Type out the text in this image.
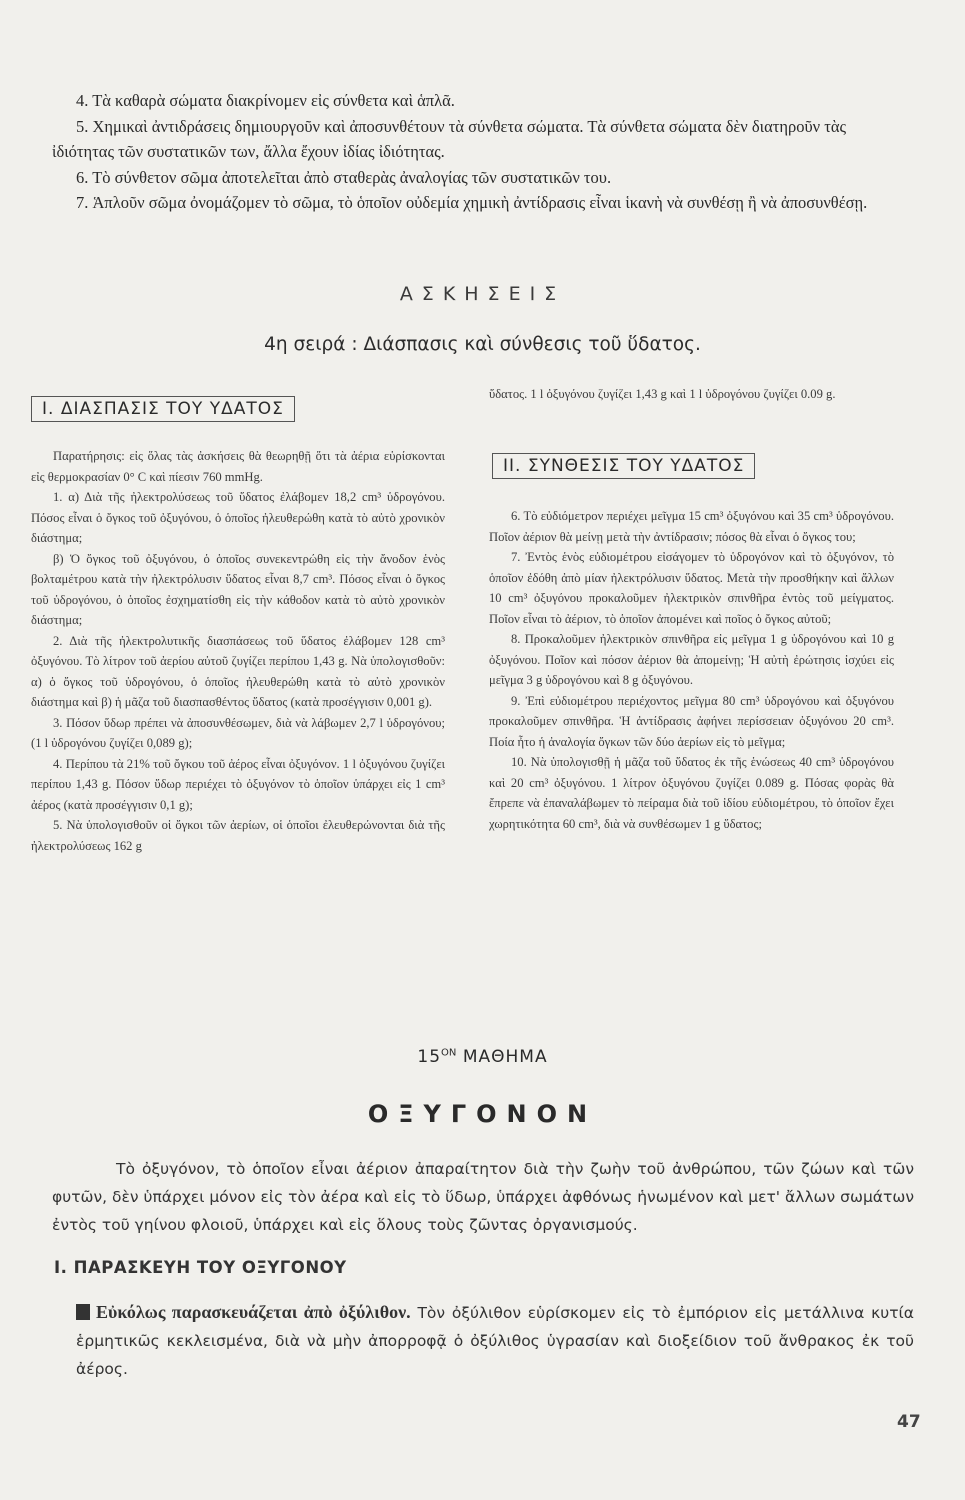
4. Τὰ καθαρὰ σώματα διακρίνομεν εἰς σύνθετα καὶ ἁπλᾶ.

5. Χημικαὶ ἀντιδράσεις δημιουργοῦν καὶ ἀποσυνθέτουν τὰ σύνθετα σώματα. Τὰ σύνθετα σώματα δὲν διατηροῦν τὰς ἰδιότητας τῶν συστατικῶν των, ἄλλα ἔχουν ἰδίας ἰδιότητας.

6. Τὸ σύνθετον σῶμα ἀποτελεῖται ἀπὸ σταθερὰς ἀναλογίας τῶν συστατικῶν του.

7. Ἁπλοῦν σῶμα ὀνομάζομεν τὸ σῶμα, τὸ ὁποῖον οὐδεμία χημικὴ ἀντίδρασις εἶναι ἱκανὴ νὰ συνθέσῃ ἢ νὰ ἀποσυνθέσῃ.

ΑΣΚΗΣΕΙΣ
4η σειρά : Διάσπασις καὶ σύνθεσις τοῦ ὕδατος.
Ι. ΔΙΑΣΠΑΣΙΣ ΤΟΥ ΥΔΑΤΟΣ

Παρατήρησις: εἰς ὅλας τὰς ἀσκήσεις θὰ θεωρηθῇ ὅτι τὰ ἀέρια εὑρίσκονται εἰς θερμοκρασίαν 0° C καὶ πίεσιν 760 mmHg.

1. α) Διὰ τῆς ἠλεκτρολύσεως τοῦ ὕδατος ἐλάβομεν 18,2 cm³ ὑδρογόνου. Πόσος εἶναι ὁ ὄγκος τοῦ ὀξυγόνου, ὁ ὁποῖος ἠλευθερώθη κατὰ τὸ αὐτὸ χρονικὸν διάστημα;

β) Ὁ ὄγκος τοῦ ὀξυγόνου, ὁ ὁποῖος συνεκεντρώθη εἰς τὴν ἄνοδον ἑνὸς βολταμέτρου κατὰ τὴν ἠλεκτρόλυσιν ὕδατος εἶναι 8,7 cm³. Πόσος εἶναι ὁ ὄγκος τοῦ ὑδρογόνου, ὁ ὁποῖος ἐσχηματίσθη εἰς τὴν κάθοδον κατὰ τὸ αὐτὸ χρονικὸν διάστημα;

2. Διὰ τῆς ἠλεκτρολυτικῆς διασπάσεως τοῦ ὕδατος ἐλάβομεν 128 cm³ ὀξυγόνου. Τὸ λίτρον τοῦ ἀερίου αὐτοῦ ζυγίζει περίπου 1,43 g. Νὰ ὑπολογισθοῦν: α) ὁ ὄγκος τοῦ ὑδρογόνου, ὁ ὁποῖος ἠλευθερώθη κατὰ τὸ αὐτὸ χρονικὸν διάστημα καὶ β) ἡ μᾶζα τοῦ διασπασθέντος ὕδατος (κατὰ προσέγγισιν 0,001 g).

3. Πόσον ὕδωρ πρέπει νὰ ἀποσυνθέσωμεν, διὰ νὰ λάβωμεν 2,7 l ὑδρογόνου; (1 l ὑδρογόνου ζυγίζει 0,089 g);

4. Περίπου τὰ 21% τοῦ ὄγκου τοῦ ἀέρος εἶναι ὀξυγόνον. 1 l ὀξυγόνου ζυγίζει περίπου 1,43 g. Πόσον ὕδωρ περιέχει τὸ ὀξυγόνον τὸ ὁποῖον ὑπάρχει εἰς 1 cm³ ἀέρος (κατὰ προσέγγισιν 0,1 g);

5. Νὰ ὑπολογισθοῦν οἱ ὄγκοι τῶν ἀερίων, οἱ ὁποῖοι ἐλευθερώνονται διὰ τῆς ἠλεκτρολύσεως 162 g

ὕδατος. 1 l ὀξυγόνου ζυγίζει 1,43 g καὶ 1 l ὑδρογόνου ζυγίζει 0.09 g.

ΙΙ. ΣΥΝΘΕΣΙΣ ΤΟΥ ΥΔΑΤΟΣ

6. Τὸ εὐδιόμετρον περιέχει μεῖγμα 15 cm³ ὀξυγόνου καὶ 35 cm³ ὑδρογόνου. Ποῖον ἀέριον θὰ μείνῃ μετὰ τὴν ἀντίδρασιν; πόσος θὰ εἶναι ὁ ὄγκος του;

7. Ἐντὸς ἑνὸς εὐδιομέτρου εἰσάγομεν τὸ ὑδρογόνον καὶ τὸ ὀξυγόνον, τὸ ὁποῖον ἐδόθη ἀπὸ μίαν ἠλεκτρόλυσιν ὕδατος. Μετὰ τὴν προσθήκην καὶ ἄλλων 10 cm³ ὀξυγόνου προκαλοῦμεν ἠλεκτρικὸν σπινθῆρα ἐντὸς τοῦ μείγματος. Ποῖον εἶναι τὸ ἀέριον, τὸ ὁποῖον ἀπομένει καὶ ποῖος ὁ ὄγκος αὐτοῦ;

8. Προκαλοῦμεν ἠλεκτρικὸν σπινθῆρα εἰς μεῖγμα 1 g ὑδρογόνου καὶ 10 g ὀξυγόνου. Ποῖον καὶ πόσον ἀέριον θὰ ἀπομείνῃ; Ἡ αὐτὴ ἐρώτησις ἰσχύει εἰς μεῖγμα 3 g ὑδρογόνου καὶ 8 g ὀξυγόνου.

9. Ἐπὶ εὐδιομέτρου περιέχοντος μεῖγμα 80 cm³ ὑδρογόνου καὶ ὀξυγόνου προκαλοῦμεν σπινθῆρα. Ἡ ἀντίδρασις ἀφήνει περίσσειαν ὀξυγόνου 20 cm³. Ποία ἦτο ἡ ἀναλογία ὄγκων τῶν δύο ἀερίων εἰς τὸ μεῖγμα;

10. Νὰ ὑπολογισθῇ ἡ μᾶζα τοῦ ὕδατος ἐκ τῆς ἑνώσεως 40 cm³ ὑδρογόνου καὶ 20 cm³ ὀξυγόνου. 1 λίτρον ὀξυγόνου ζυγίζει 0.089 g. Πόσας φορὰς θὰ ἔπρεπε νὰ ἐπαναλάβωμεν τὸ πείραμα διὰ τοῦ ἰδίου εὐδιομέτρου, τὸ ὁποῖον ἔχει χωρητικότητα 60 cm³, διὰ νὰ συνθέσωμεν 1 g ὕδατος;

$15^{ON}$ ΜΑΘΗΜΑ
ΟΞΥΓΟΝΟΝ

Τὸ ὀξυγόνον, τὸ ὁποῖον εἶναι ἀέριον ἀπαραίτητον διὰ τὴν ζωὴν τοῦ ἀνθρώπου, τῶν ζώων καὶ τῶν φυτῶν, δὲν ὑπάρχει μόνον εἰς τὸν ἀέρα καὶ εἰς τὸ ὕδωρ, ὑπάρχει ἀφθόνως ἡνωμένον καὶ μετ' ἄλλων σωμάτων ἐντὸς τοῦ γηίνου φλοιοῦ, ὑπάρχει καὶ εἰς ὅλους τοὺς ζῶντας ὀργανισμούς.

Ι. ΠΑΡΑΣΚΕΥΗ ΤΟΥ ΟΞΥΓΟΝΟΥ
Εὐκόλως παρασκευάζεται ἀπὸ ὀξύλιθον. Τὸν ὀξύλιθον εὑρίσκομεν εἰς τὸ ἐμπόριον εἰς μετάλλινα κυτία ἑρμητικῶς κεκλεισμένα, διὰ νὰ μὴν ἀπορροφᾷ ὁ ὀξύλιθος ὑγρασίαν καὶ διοξείδιον τοῦ ἄνθρακος ἐκ τοῦ ἀέρος.
47
